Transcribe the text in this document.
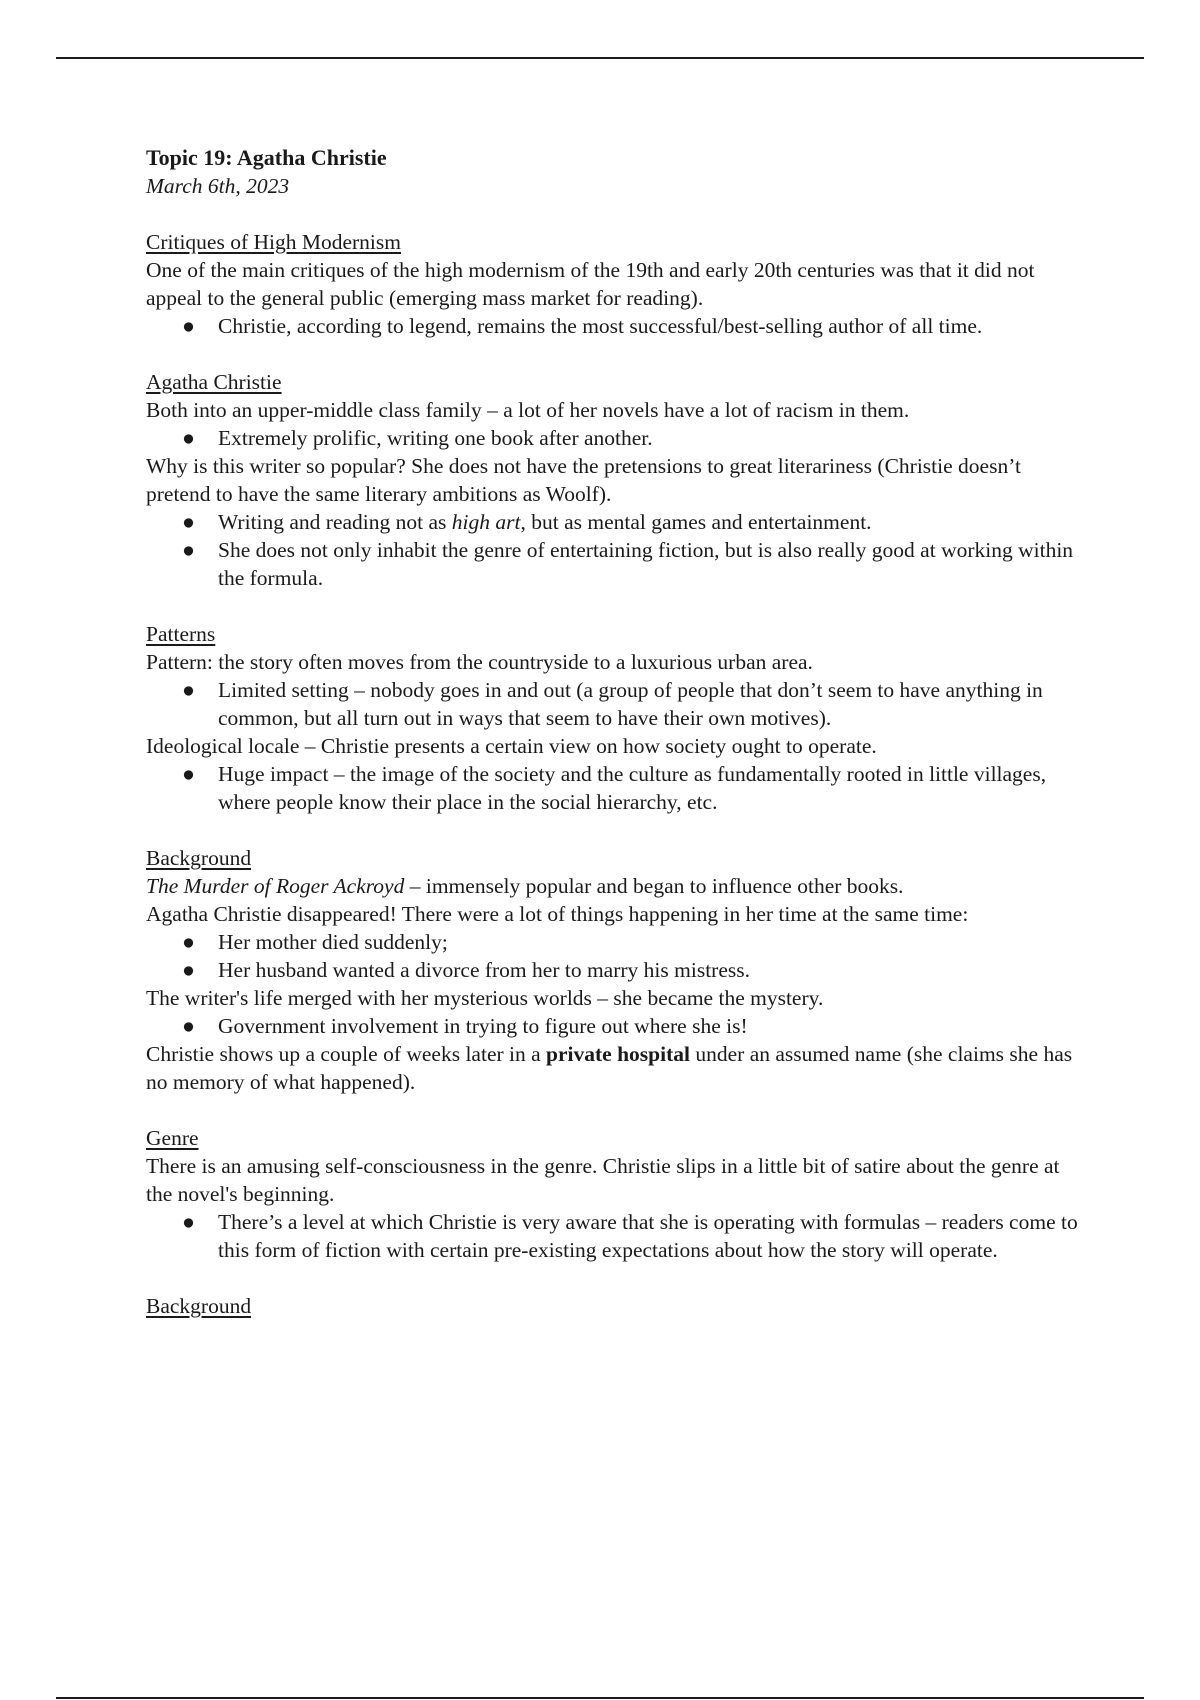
Topic 19: Agatha Christie
March 6th, 2023
Critiques of High Modernism

One of the main critiques of the high modernism of the 19th and early 20th centuries was that it did not appeal to the general public (emerging mass market for reading).

● Christie, according to legend, remains the most successful/best-selling author of all time.
Agatha Christie

Both into an upper-middle class family – a lot of her novels have a lot of racism in them.

● Extremely prolific, writing one book after another.

Why is this writer so popular? She does not have the pretensions to great literariness (Christie doesn’t pretend to have the same literary ambitions as Woolf).

● Writing and reading not as high art, but as mental games and entertainment.
● She does not only inhabit the genre of entertaining fiction, but is also really good at working within the formula.
Patterns

Pattern: the story often moves from the countryside to a luxurious urban area.

● Limited setting – nobody goes in and out (a group of people that don’t seem to have anything in common, but all turn out in ways that seem to have their own motives).

Ideological locale – Christie presents a certain view on how society ought to operate.

● Huge impact – the image of the society and the culture as fundamentally rooted in little villages, where people know their place in the social hierarchy, etc.
Background

The Murder of Roger Ackroyd – immensely popular and began to influence other books.

Agatha Christie disappeared! There were a lot of things happening in her time at the same time:

● Her mother died suddenly;
● Her husband wanted a divorce from her to marry his mistress.

The writer's life merged with her mysterious worlds – she became the mystery.

● Government involvement in trying to figure out where she is!

Christie shows up a couple of weeks later in a private hospital under an assumed name (she claims she has no memory of what happened).

Genre

There is an amusing self-consciousness in the genre. Christie slips in a little bit of satire about the genre at the novel's beginning.

● There’s a level at which Christie is very aware that she is operating with formulas – readers come to this form of fiction with certain pre-existing expectations about how the story will operate.
Background
